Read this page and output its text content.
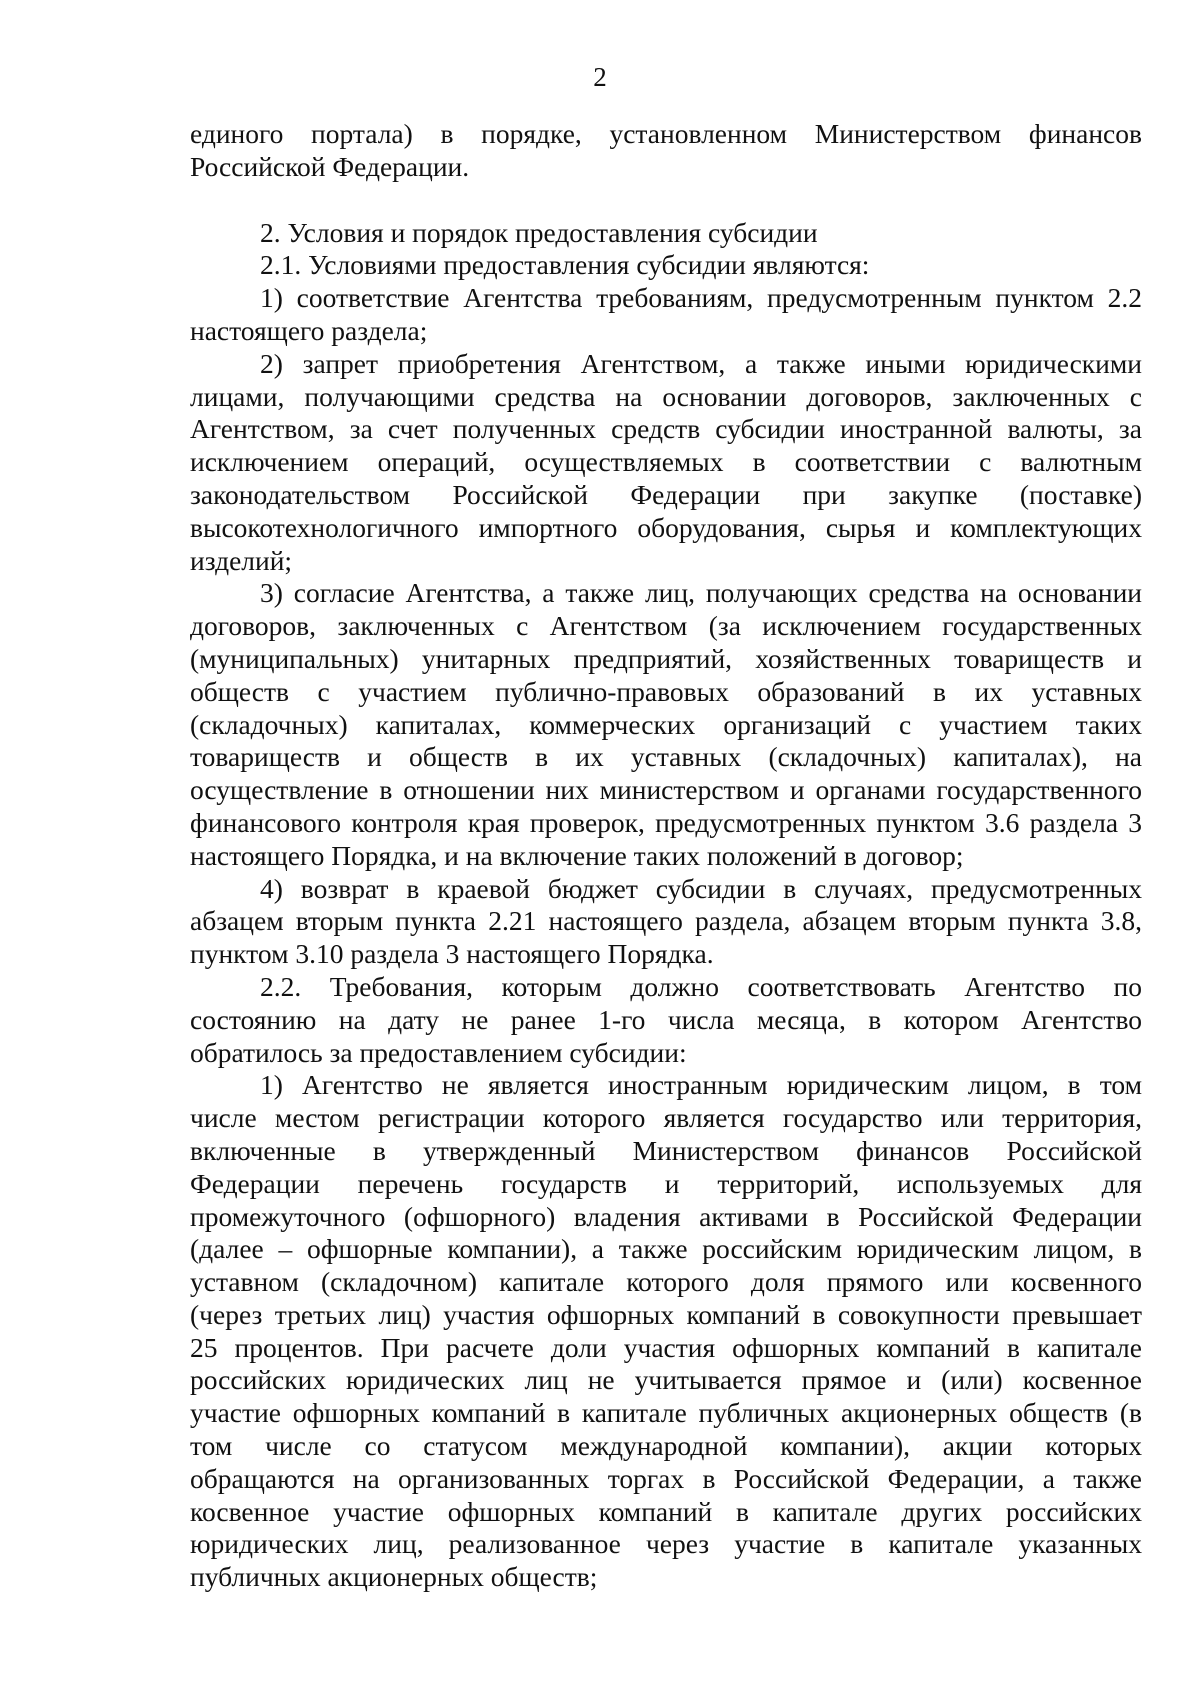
2
единого портала) в порядке, установленном Министерством финансов
Российской Федерации.
2. Условия и порядок предоставления субсидии
2.1. Условиями предоставления субсидии являются:
1) соответствие Агентства требованиям, предусмотренным пунктом 2.2
настоящего раздела;
2) запрет приобретения Агентством, а также иными юридическими
лицами, получающими средства на основании договоров, заключенных с
Агентством, за счет полученных средств субсидии иностранной валюты, за
исключением операций, осуществляемых в соответствии с валютным
законодательством Российской Федерации при закупке (поставке)
высокотехнологичного импортного оборудования, сырья и комплектующих
изделий;
3) согласие Агентства, а также лиц, получающих средства на основании
договоров, заключенных с Агентством (за исключением государственных
(муниципальных) унитарных предприятий, хозяйственных товариществ и
обществ с участием публично-правовых образований в их уставных
(складочных) капиталах, коммерческих организаций с участием таких
товариществ и обществ в их уставных (складочных) капиталах), на
осуществление в отношении них министерством и органами государственного
финансового контроля края проверок, предусмотренных пунктом 3.6 раздела 3
настоящего Порядка, и на включение таких положений в договор;
4) возврат в краевой бюджет субсидии в случаях, предусмотренных
абзацем вторым пункта 2.21 настоящего раздела, абзацем вторым пункта 3.8,
пунктом 3.10 раздела 3 настоящего Порядка.
2.2. Требования, которым должно соответствовать Агентство по
состоянию на дату не ранее 1-го числа месяца, в котором Агентство
обратилось за предоставлением субсидии:
1) Агентство не является иностранным юридическим лицом, в том
числе местом регистрации которого является государство или территория,
включенные в утвержденный Министерством финансов Российской
Федерации перечень государств и территорий, используемых для
промежуточного (офшорного) владения активами в Российской Федерации
(далее – офшорные компании), а также российским юридическим лицом, в
уставном (складочном) капитале которого доля прямого или косвенного
(через третьих лиц) участия офшорных компаний в совокупности превышает
25 процентов. При расчете доли участия офшорных компаний в капитале
российских юридических лиц не учитывается прямое и (или) косвенное
участие офшорных компаний в капитале публичных акционерных обществ (в
том числе со статусом международной компании), акции которых
обращаются на организованных торгах в Российской Федерации, а также
косвенное участие офшорных компаний в капитале других российских
юридических лиц, реализованное через участие в капитале указанных
публичных акционерных обществ;
